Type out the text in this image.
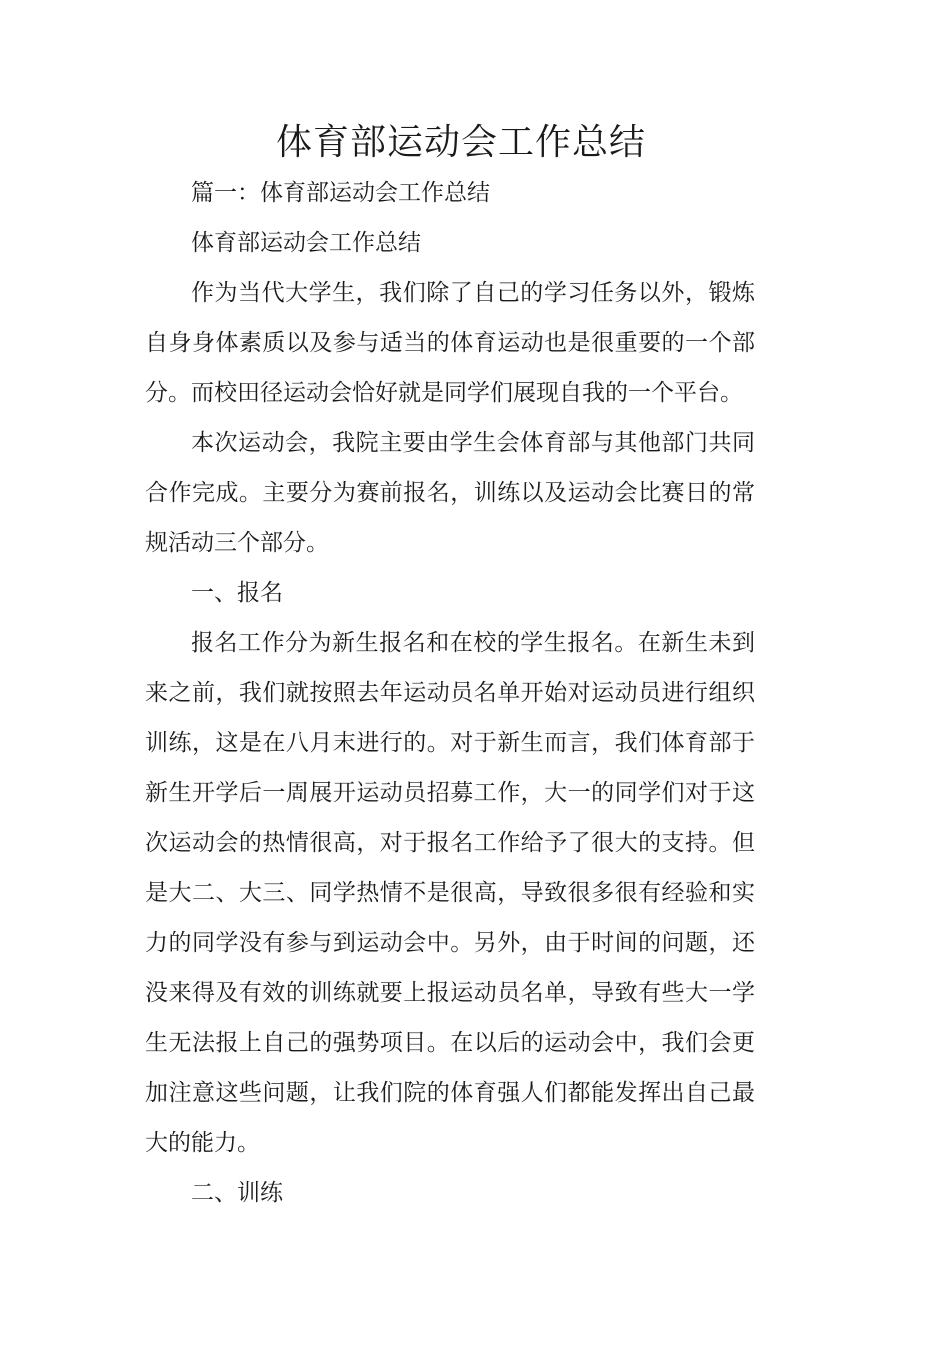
体育部运动会工作总结

篇一：体育部运动会工作总结

体育部运动会工作总结

作为当代大学生，我们除了自己的学习任务以外，锻炼自身身体素质以及参与适当的体育运动也是很重要的一个部分。而校田径运动会恰好就是同学们展现自我的一个平台。

本次运动会，我院主要由学生会体育部与其他部门共同合作完成。主要分为赛前报名，训练以及运动会比赛日的常规活动三个部分。

一、报名

报名工作分为新生报名和在校的学生报名。在新生未到来之前，我们就按照去年运动员名单开始对运动员进行组织训练，这是在八月末进行的。对于新生而言，我们体育部于新生开学后一周展开运动员招募工作，大一的同学们对于这次运动会的热情很高，对于报名工作给予了很大的支持。但是大二、大三、同学热情不是很高，导致很多很有经验和实力的同学没有参与到运动会中。另外，由于时间的问题，还没来得及有效的训练就要上报运动员名单，导致有些大一学生无法报上自己的强势项目。在以后的运动会中，我们会更加注意这些问题，让我们院的体育强人们都能发挥出自己最大的能力。

二、训练
